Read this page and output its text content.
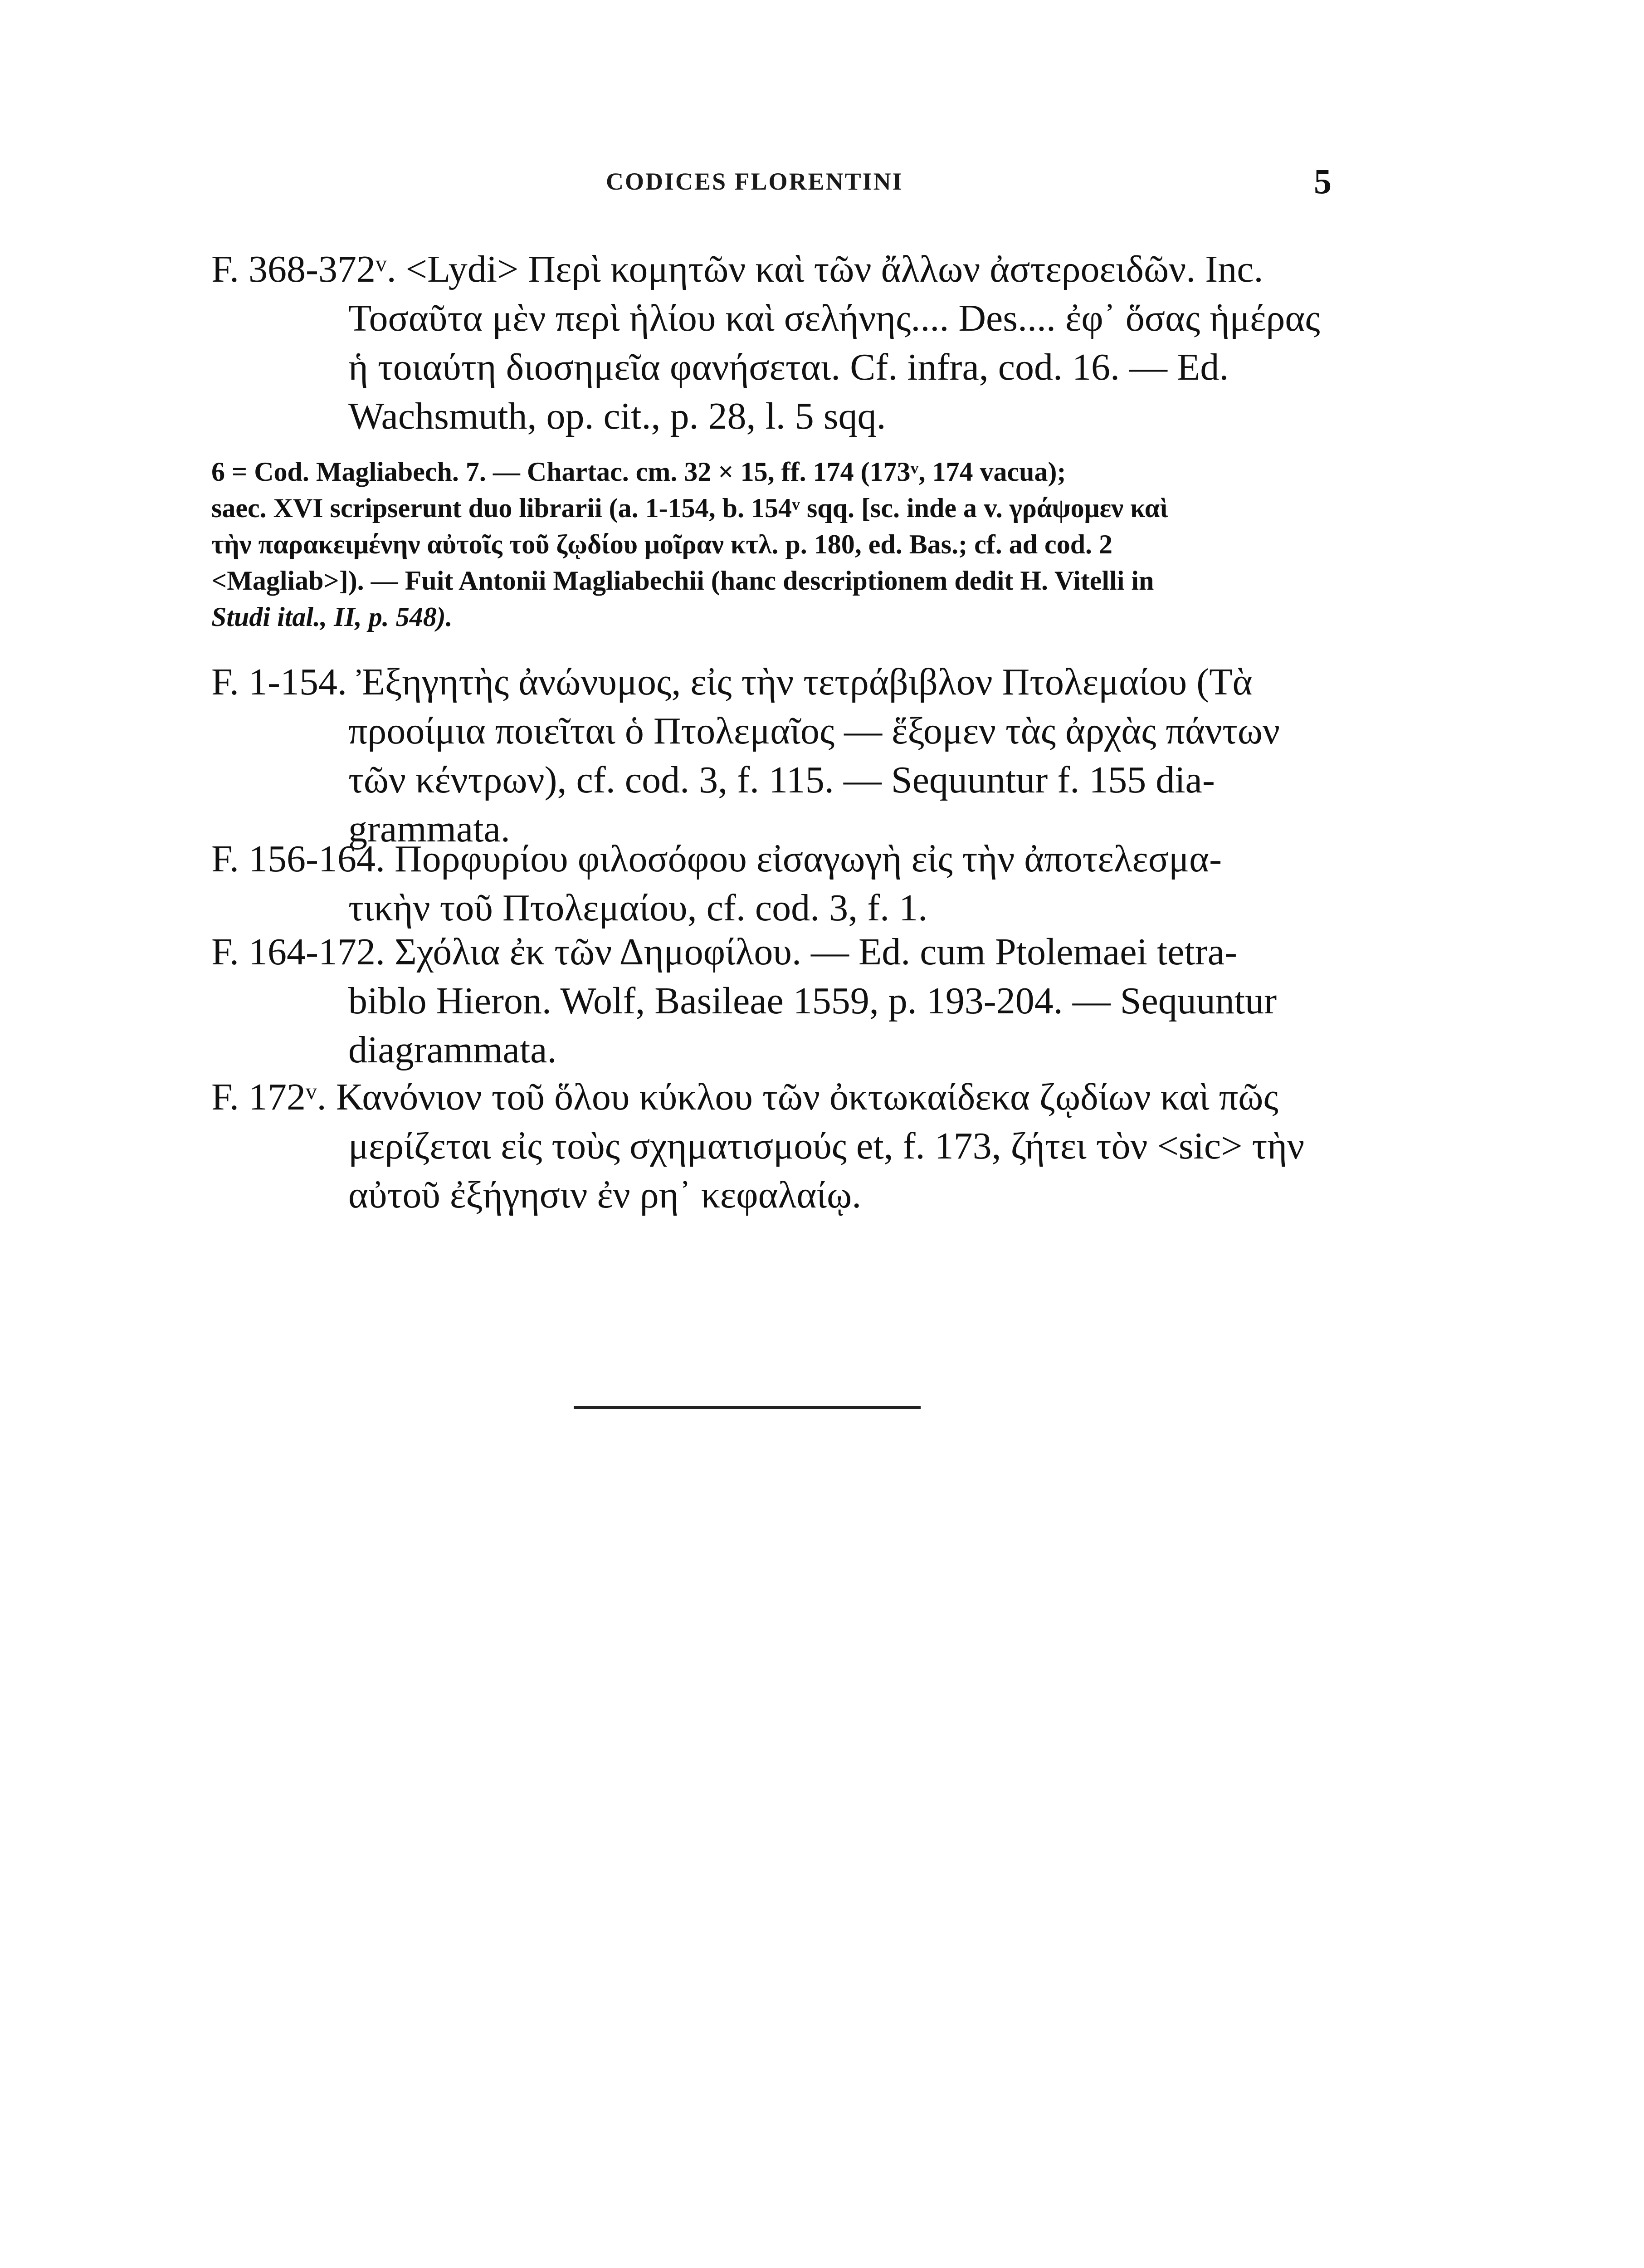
CODICES FLORENTINI	5

F. 368-372ᵛ. <Lydi> Περὶ κομητῶν καὶ τῶν ἄλλων ἀστεροειδῶν. Inc.
Τοσαῦτα μὲν περὶ ἡλίου καὶ σελήνης.... Des.... ἐφ᾽ ὅσας ἡμέρας
ἡ τοιαύτη διοσημεῖα φανήσεται. Cf. infra, cod. 16. — Ed.
Wachsmuth, op. cit., p. 28, l. 5 sqq.

6 = Cod. Magliabech. 7. — Chartac. cm. 32 × 15, ff. 174 (173ᵛ, 174 vacua);
saec. XVI scripserunt duo librarii (a. 1-154, b. 154ᵛ sqq. [sc. inde a v. γράψομεν καὶ
τὴν παρακειμένην αὐτοῖς τοῦ ζῳδίου μοῖραν κτλ. p. 180, ed. Bas.; cf. ad cod. 2
<Magliab>]). — Fuit Antonii Magliabechii (hanc descriptionem dedit H. Vitelli in
Studi ital., II, p. 548).

F. 1-154. Ἐξηγητὴς ἀνώνυμος, εἰς τὴν τετράβιβλον Πτολεμαίου (Τὰ
προοίμια ποιεῖται ὁ Πτολεμαῖος — ἕξομεν τὰς ἀρχὰς πάντων
τῶν κέντρων), cf. cod. 3, f. 115. — Sequuntur f. 155 dia-
grammata.

F. 156-164. Πορφυρίου φιλοσόφου εἰσαγωγὴ εἰς τὴν ἀποτελεσμα-
τικὴν τοῦ Πτολεμαίου, cf. cod. 3, f. 1.

F. 164-172. Σχόλια ἐκ τῶν Δημοφίλου. — Ed. cum Ptolemaei tetra-
biblo Hieron. Wolf, Basileae 1559, p. 193-204. — Sequuntur
diagrammata.

F. 172ᵛ. Κανόνιον τοῦ ὅλου κύκλου τῶν ὀκτωκαίδεκα ζῳδίων καὶ πῶς
μερίζεται εἰς τοὺς σχηματισμούς et, f. 173, ζήτει τὸν <sic> τὴν
αὐτοῦ ἐξήγησιν ἐν ρη᾽ κεφαλαίῳ.
